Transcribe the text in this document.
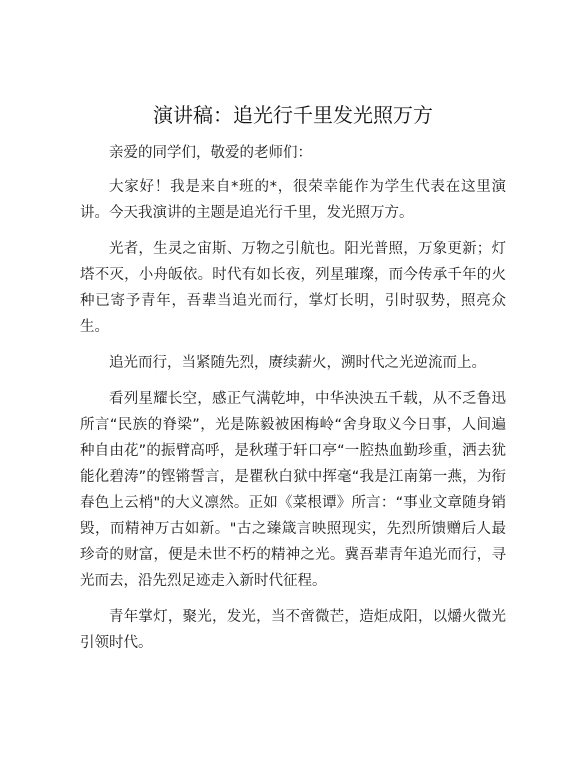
演讲稿：追光行千里发光照万方

亲爱的同学们，敬爱的老师们：

大家好！我是来自*班的*，很荣幸能作为学生代表在这里演讲。今天我演讲的主题是追光行千里，发光照万方。

光者，生灵之宙斯、万物之引航也。阳光普照，万象更新；灯塔不灭，小舟皈依。时代有如长夜，列星璀璨，而今传承千年的火种已寄予青年，吾辈当追光而行，掌灯长明，引时驭势，照亮众生。

追光而行，当紧随先烈，赓续薪火，溯时代之光逆流而上。

看列星耀长空，感正气满乾坤，中华泱泱五千载，从不乏鲁迅所言“民族的脊梁”，光是陈毅被困梅岭“舍身取义今日事，人间遍种自由花”的振臂高呼，是秋瑾于轩口亭“一腔热血勤珍重，洒去犹能化碧涛”的铿锵誓言，是瞿秋白狱中挥毫“我是江南第一燕，为衔春色上云梢"的大义凛然。正如《菜根谭》所言：“事业文章随身销毁，而精神万古如新。"古之臻箴言映照现实，先烈所馈赠后人最珍奇的财富，便是未世不朽的精神之光。冀吾辈青年追光而行，寻光而去，沿先烈足迹走入新时代征程。

青年掌灯，聚光，发光，当不啻微芒，造炬成阳，以爝火微光引领时代。
